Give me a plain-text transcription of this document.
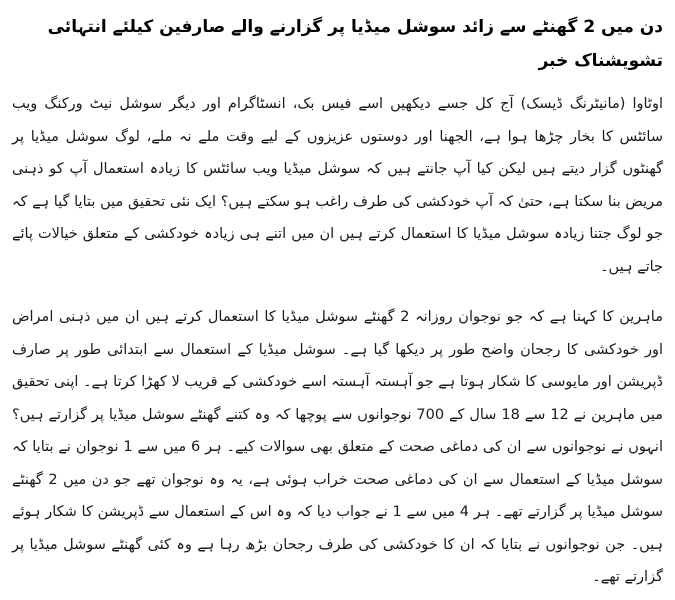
دن میں 2 گھنٹے سے زائد سوشل میڈیا پر گزارنے والے صارفین کیلئے انتہائی تشویشناک خبر

اوٹاوا (مانیٹرنگ ڈیسک) آج کل جسے دیکھیں اسے فیس بک، انسٹاگرام اور دیگر سوشل نیٹ ورکنگ ویب سائٹس کا بخار چڑھا ہوا ہے، الجھنا اور دوستوں عزیزوں کے لیے وقت ملے نہ ملے، لوگ سوشل میڈیا پر گھنٹوں گزار دیتے ہیں لیکن کیا آپ جانتے ہیں کہ سوشل میڈیا ویب سائٹس کا زیادہ استعمال آپ کو ذہنی مریض بنا سکتا ہے، حتیٰ کہ آپ خودکشی کی طرف راغب ہو سکتے ہیں؟ ایک نئی تحقیق میں بتایا گیا ہے کہ جو لوگ جتنا زیادہ سوشل میڈیا کا استعمال کرتے ہیں ان میں اتنے ہی زیادہ خودکشی کے متعلق خیالات پائے جاتے ہیں۔

ماہرین کا کہنا ہے کہ جو نوجوان روزانہ 2 گھنٹے سوشل میڈیا کا استعمال کرتے ہیں ان میں ذہنی امراض اور خودکشی کا رجحان واضح طور پر دیکھا گیا ہے۔ سوشل میڈیا کے استعمال سے ابتدائی طور پر صارف ڈپریشن اور مایوسی کا شکار ہوتا ہے جو آہستہ آہستہ اسے خودکشی کے قریب لا کھڑا کرتا ہے۔ اپنی تحقیق میں ماہرین نے 12 سے 18 سال کے 700 نوجوانوں سے پوچھا کہ وہ کتنے گھنٹے سوشل میڈیا پر گزارتے ہیں؟ انہوں نے نوجوانوں سے ان کی دماغی صحت کے متعلق بھی سوالات کیے۔ ہر 6 میں سے 1 نوجوان نے بتایا کہ سوشل میڈیا کے استعمال سے ان کی دماغی صحت خراب ہوئی ہے، یہ وہ نوجوان تھے جو دن میں 2 گھنٹے سوشل میڈیا پر گزارتے تھے۔ ہر 4 میں سے 1 نے جواب دیا کہ وہ اس کے استعمال سے ڈپریشن کا شکار ہوئے ہیں۔ جن نوجوانوں نے بتایا کہ ان کا خودکشی کی طرف رجحان بڑھ رہا ہے وہ کئی گھنٹے سوشل میڈیا پر گزارتے تھے۔
